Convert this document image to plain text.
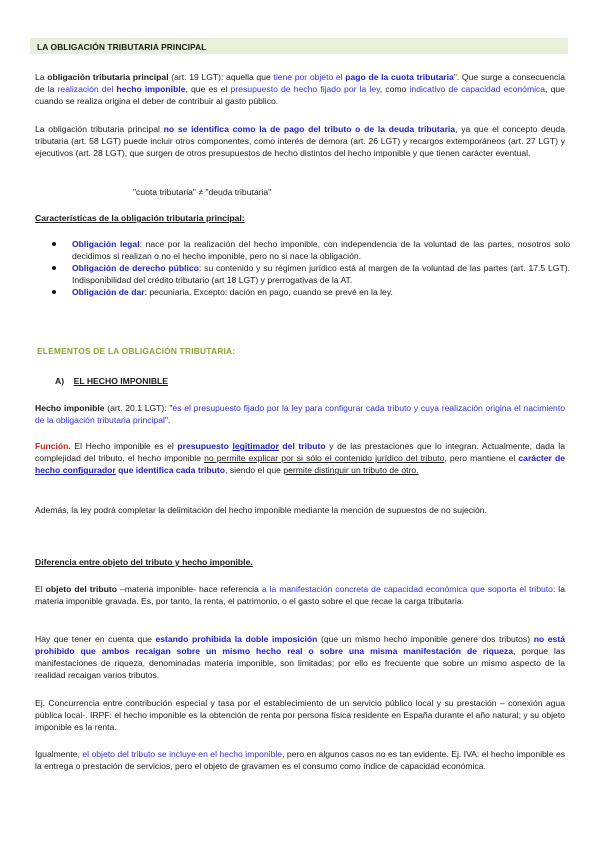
LA OBLIGACIÓN TRIBUTARIA PRINCIPAL

La obligación tributaria principal (art. 19 LGT): aquella que tiene por objeto el pago de la cuota tributaria". Que surge a consecuencia de la realización del hecho imponible, que es el presupuesto de hecho fijado por la ley, como indicativo de capacidad económica, que cuando se realiza origina el deber de contribuir al gasto público.

La obligación tributaria principal no se identifica como la de pago del tributo o de la deuda tributaria, ya que el concepto deuda tributaria (art. 58 LGT) puede incluir otros componentes, como interés de demora (art. 26 LGT) y recargos extemporáneos (art. 27 LGT) y ejecutivos (art. 28 LGT), que surgen de otros presupuestos de hecho distintos del hecho imponible y que tienen carácter eventual.

"cuota tributaria" ≠ "deuda tributaria"
Características de la obligación tributaria principal:
Obligación legal: nace por la realización del hecho imponible, con independencia de la voluntad de las partes, nosotros solo decidimos si realizan o no el hecho imponible, pero no si nace la obligación.
Obligación de derecho público: su contenido y su régimen jurídico está al margen de la voluntad de las partes (art. 17.5 LGT). Indisponibilidad del crédito tributario (art 18 LGT) y prerrogativas de la AT.
Obligación de dar: pecuniaria. Excepto: dación en pago, cuando se prevé en la ley.
ELEMENTOS DE LA OBLIGACIÓN TRIBUTARIA:
A) EL HECHO IMPONIBLE

Hecho imponible (art. 20.1 LGT): "es el presupuesto fijado por la ley para configurar cada tributo y cuya realización origina el nacimiento de la obligación tributaria principal".

Función. El Hecho imponible es el presupuesto legitimador del tributo y de las prestaciones que lo integran. Actualmente, dada la complejidad del tributo, el hecho imponible no permite explicar por si sólo el contenido jurídico del tributo, pero mantiene el carácter de hecho configurador que identifica cada tributo, siendo el que permite distinguir un tributo de otro.

Además, la ley podrá completar la delimitación del hecho imponible mediante la mención de supuestos de no sujeción.

Diferencia entre objeto del tributo y hecho imponible.

El objeto del tributo –materia imponible- hace referencia a la manifestación concreta de capacidad económica que soporta el tributo: la materia imponible gravada. Es, por tanto, la renta, el patrimonio, o el gasto sobre el que recae la carga tributaria.

Hay que tener en cuenta que estando prohibida la doble imposición (que un mismo hecho imponible genere dos tributos) no está prohibido que ambos recaigan sobre un mismo hecho real o sobre una misma manifestación de riqueza, porque las manifestaciones de riqueza, denominadas materia imponible, son limitadas; por ello es frecuente que sobre un mismo aspecto de la realidad recaigan varios tributos.

Ej. Concurrencia entre contribución especial y tasa por el establecimiento de un servicio público local y su prestación – conexión agua pública local-. IRPF: el hecho imponible es la obtención de renta por persona física residente en España durante el año natural; y su objeto imponible es la renta.

Igualmente, el objeto del tributo se incluye en el hecho imponible, pero en algunos casos no es tan evidente. Ej. IVA: el hecho imponible es la entrega o prestación de servicios, pero el objeto de gravamen es el consumo como índice de capacidad económica.
